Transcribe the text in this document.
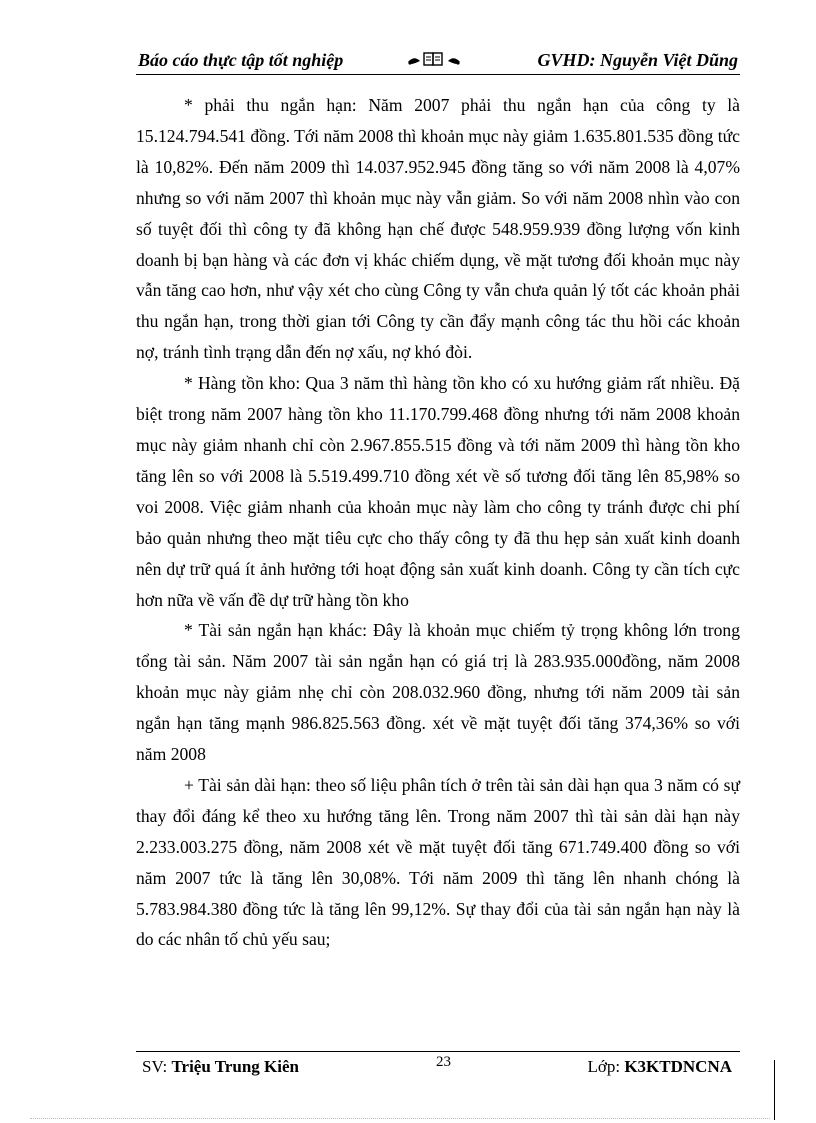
Báo cáo thực tập tốt nghiệp	GVHD: Nguyễn Việt Dũng

* phải thu ngắn hạn: Năm 2007 phải thu ngắn hạn của công ty là 15.124.794.541 đồng. Tới năm 2008 thì khoản mục này giảm 1.635.801.535 đồng tức là 10,82%. Đến năm 2009 thì 14.037.952.945 đồng tăng so với năm 2008 là 4,07% nhưng so với năm 2007 thì khoản mục này vẫn giảm. So với năm 2008 nhìn vào con số tuyệt đối thì công ty đã không hạn chế được 548.959.939 đồng lượng vốn kinh doanh bị bạn hàng và các đơn vị khác chiếm dụng, về mặt tương đối khoản mục này vẫn tăng cao hơn, như vậy xét cho cùng Công ty vẫn chưa quản lý tốt các khoản phải thu ngắn hạn, trong thời gian tới Công ty cần đẩy mạnh công tác thu hồi các khoản nợ, tránh tình trạng dẫn đến nợ xấu, nợ khó đòi.

* Hàng tồn kho: Qua 3 năm thì hàng tồn kho có xu hướng giảm rất nhiều. Đặ biệt trong năm 2007 hàng tồn kho 11.170.799.468 đồng nhưng tới năm 2008 khoản mục này giảm nhanh chỉ còn 2.967.855.515 đồng và tới năm 2009 thì hàng tồn kho tăng lên so với 2008 là 5.519.499.710 đồng xét về số tương đối tăng lên 85,98% so voi 2008. Việc giảm nhanh của khoản mục này làm cho công ty tránh được chi phí bảo quản nhưng theo mặt tiêu cực cho thấy công ty đã thu hẹp sản xuất kinh doanh nên dự trữ quá ít ảnh hưởng tới hoạt động sản xuất kinh doanh. Công ty cần tích cực hơn nữa về vấn đề dự trữ hàng tồn kho

* Tài sản ngắn hạn khác: Đây là khoản mục chiếm tỷ trọng không lớn trong tổng tài sản. Năm 2007 tài sản ngắn hạn có giá trị là 283.935.000đồng, năm 2008 khoản mục này giảm nhẹ chỉ còn 208.032.960 đồng, nhưng tới năm 2009 tài sản ngắn hạn tăng mạnh 986.825.563 đồng. xét về mặt tuyệt đối tăng 374,36% so với năm 2008

+ Tài sản dài hạn: theo số liệu phân tích ở trên tài sản dài hạn qua 3 năm có sự thay đổi đáng kể theo xu hướng tăng lên. Trong năm 2007 thì tài sản dài hạn này 2.233.003.275 đồng, năm 2008 xét về mặt tuyệt đối tăng 671.749.400 đồng so với năm 2007 tức là tăng lên 30,08%. Tới năm 2009 thì tăng lên nhanh chóng là 5.783.984.380 đồng tức là tăng lên 99,12%. Sự thay đổi của tài sản ngắn hạn này là do các nhân tố chủ yếu sau;

SV: Triệu Trung Kiên	23	Lớp: K3KTDNCNA
